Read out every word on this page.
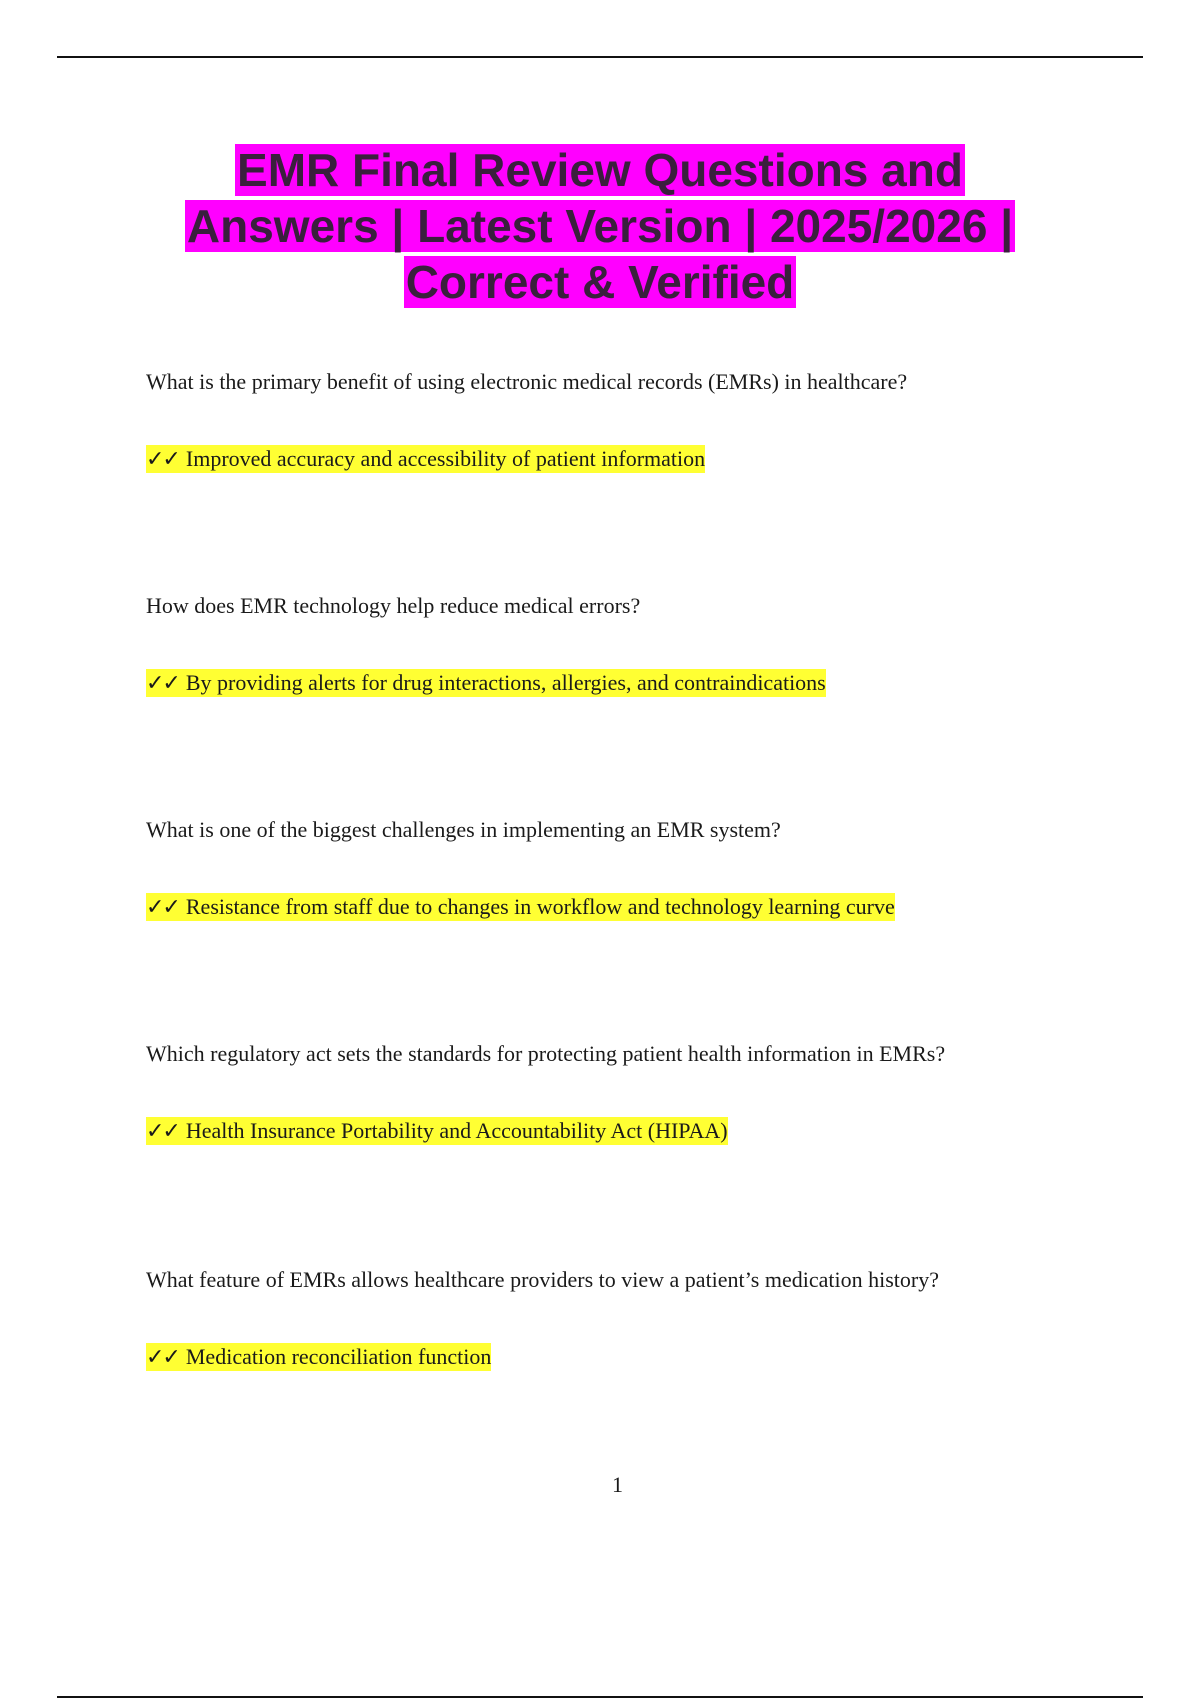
EMR Final Review Questions and
Answers | Latest Version | 2025/2026 |
Correct & Verified
What is the primary benefit of using electronic medical records (EMRs) in healthcare?
✓✓ Improved accuracy and accessibility of patient information
How does EMR technology help reduce medical errors?
✓✓ By providing alerts for drug interactions, allergies, and contraindications
What is one of the biggest challenges in implementing an EMR system?
✓✓ Resistance from staff due to changes in workflow and technology learning curve
Which regulatory act sets the standards for protecting patient health information in EMRs?
✓✓ Health Insurance Portability and Accountability Act (HIPAA)
What feature of EMRs allows healthcare providers to view a patient’s medication history?
✓✓ Medication reconciliation function
1
